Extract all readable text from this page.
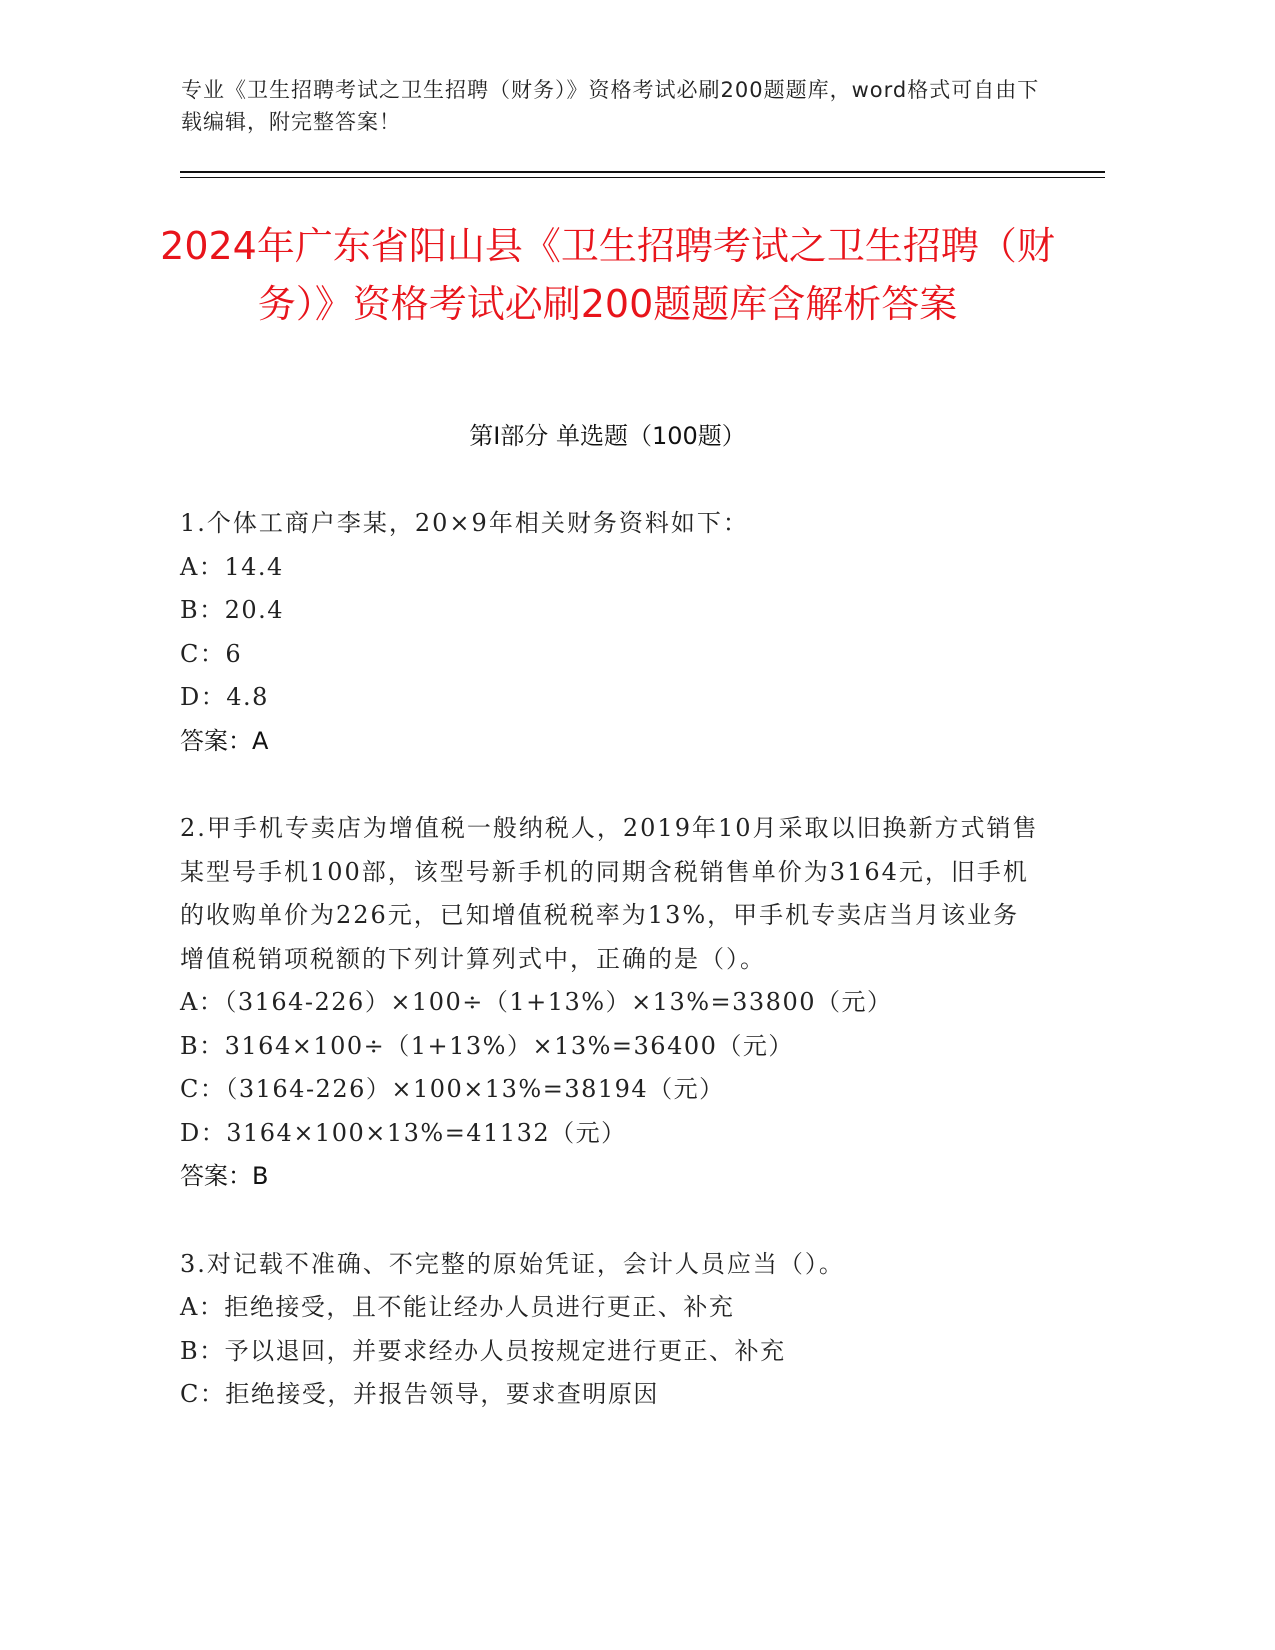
专业《卫生招聘考试之卫生招聘（财务）》资格考试必刷200题题库，word格式可自由下载编辑，附完整答案！
2024年广东省阳山县《卫生招聘考试之卫生招聘（财务）》资格考试必刷200题题库含解析答案
第Ⅰ部分 单选题（100题）
1.个体工商户李某，20×9年相关财务资料如下：
A：14.4
B：20.4
C：6
D：4.8
答案：A
2.甲手机专卖店为增值税一般纳税人，2019年10月采取以旧换新方式销售某型号手机100部，该型号新手机的同期含税销售单价为3164元，旧手机的收购单价为226元，已知增值税税率为13%，甲手机专卖店当月该业务增值税销项税额的下列计算列式中，正确的是（）。
A：（3164-226）×100÷（1+13%）×13%=33800（元）
B：3164×100÷（1+13%）×13%=36400（元）
C：（3164-226）×100×13%=38194（元）
D：3164×100×13%=41132（元）
答案：B
3.对记载不准确、不完整的原始凭证，会计人员应当（）。
A：拒绝接受，且不能让经办人员进行更正、补充
B：予以退回，并要求经办人员按规定进行更正、补充
C：拒绝接受，并报告领导，要求查明原因
